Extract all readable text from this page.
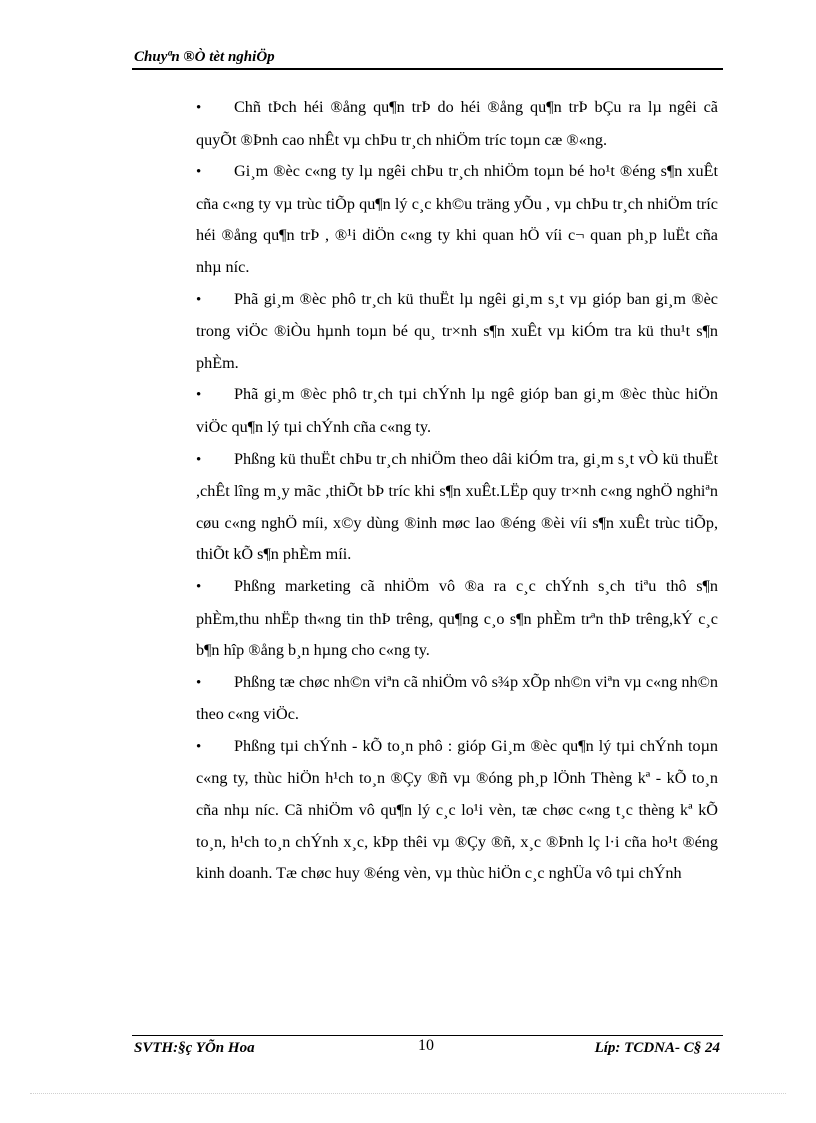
Chuyªn ®Ò tèt nghiÖp

• Chñ tÞch héi ®ång qu¶n trÞ do héi ®ång qu¶n trÞ bÇu ra lµ ngêi cã quyÕt ®Þnh cao nhÊt vµ chÞu tr¸ch nhiÖm tríc toµn cæ ®«ng.

• Gi¸m ®èc c«ng ty lµ ngêi chÞu tr¸ch nhiÖm toµn bé ho¹t ®éng s¶n xuÊt cña c«ng ty vµ trùc tiÕp qu¶n lý c¸c kh©u träng yÕu , vµ chÞu tr¸ch nhiÖm tríc héi ®ång qu¶n trÞ , ®¹i diÖn c«ng ty khi quan hÖ víi c¬ quan ph¸p luËt cña nhµ níc.

• Phã gi¸m ®èc phô tr¸ch kü thuËt lµ ngêi gi¸m s¸t vµ gióp ban gi¸m ®èc trong viÖc ®iÒu hµnh toµn bé qu¸ tr×nh s¶n xuÊt vµ kiÓm tra kü thu¹t s¶n phÈm.

• Phã gi¸m ®èc phô tr¸ch tµi chÝnh lµ ngê gióp ban gi¸m ®èc thùc hiÖn viÖc qu¶n lý tµi chÝnh cña c«ng ty.

• Phßng kü thuËt chÞu tr¸ch nhiÖm theo dâi kiÓm tra, gi¸m s¸t vÒ kü thuËt ,chÊt lîng m¸y mãc ,thiÕt bÞ tríc khi s¶n xuÊt.LËp quy tr×nh c«ng nghÖ nghiªn cøu c«ng nghÖ míi, x©y dùng ®inh møc lao ®éng ®èi víi s¶n xuÊt trùc tiÕp, thiÕt kÕ s¶n phÈm míi.

• Phßng marketing cã nhiÖm vô ®a ra c¸c chÝnh s¸ch tiªu thô s¶n phÈm,thu nhËp th«ng tin thÞ trêng, qu¶ng c¸o s¶n phÈm trªn thÞ trêng,kÝ c¸c b¶n hîp ®ång b¸n hµng cho c«ng ty.

• Phßng tæ chøc nh©n viªn cã nhiÖm vô s¾p xÕp nh©n viªn vµ c«ng nh©n theo c«ng viÖc.

• Phßng tµi chÝnh - kÕ to¸n phô : gióp Gi¸m ®èc qu¶n lý tµi chÝnh toµn c«ng ty, thùc hiÖn h¹ch to¸n ®Çy ®ñ vµ ®óng ph¸p lÖnh Thèng kª - kÕ to¸n cña nhµ níc. Cã nhiÖm vô qu¶n lý c¸c lo¹i vèn, tæ chøc c«ng t¸c thèng kª kÕ to¸n, h¹ch to¸n chÝnh x¸c, kÞp thêi vµ ®Çy ®ñ, x¸c ®Þnh lç l·i cña ho¹t ®éng kinh doanh. Tæ chøc huy ®éng vèn, vµ thùc hiÖn c¸c nghÜa vô tµi chÝnh

SVTH:§ç YÕn Hoa	10	Líp: TCDNA- C§ 24
